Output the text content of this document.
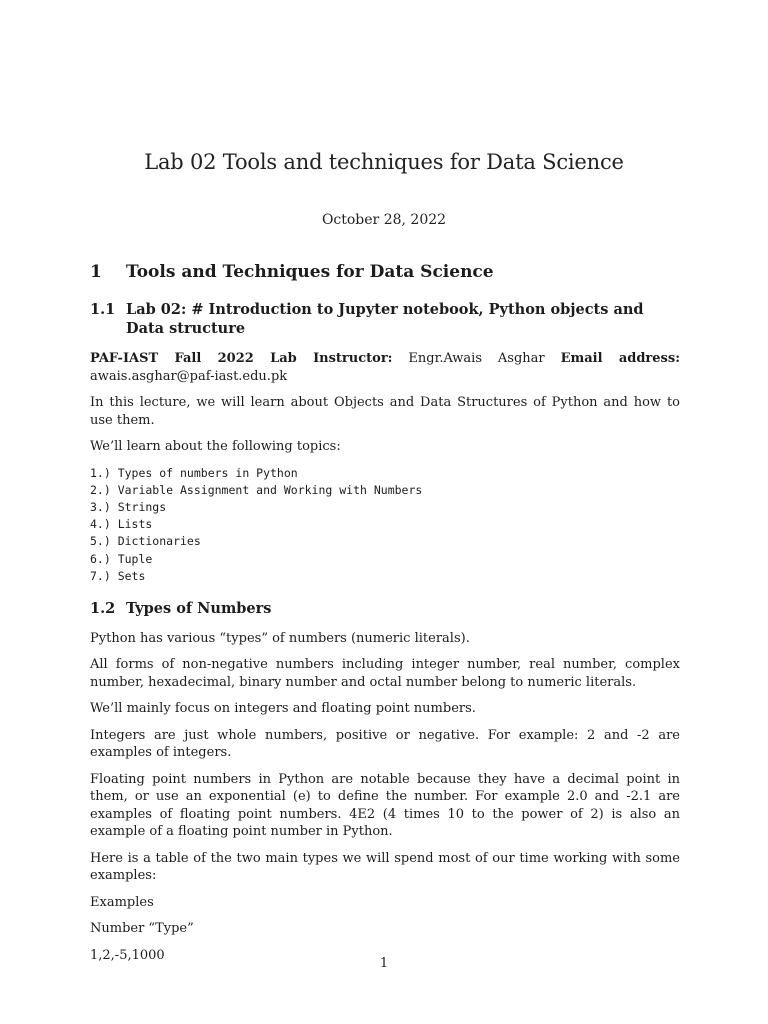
Lab 02 Tools and techniques for Data Science
October 28, 2022
1	Tools and Techniques for Data Science
1.1 Lab 02: # Introduction to Jupyter notebook, Python objects and Data structure

PAF-IAST Fall 2022 Lab Instructor: Engr.Awais Asghar Email address: awais.asghar@paf-iast.edu.pk

In this lecture, we will learn about Objects and Data Structures of Python and how to use them.

We’ll learn about the following topics:

1.) Types of numbers in Python
2.) Variable Assignment and Working with Numbers
3.) Strings
4.) Lists
5.) Dictionaries
6.) Tuple
7.) Sets
1.2 Types of Numbers

Python has various “types” of numbers (numeric literals).

All forms of non-negative numbers including integer number, real number, complex number, hexadecimal, binary number and octal number belong to numeric literals.

We’ll mainly focus on integers and floating point numbers.

Integers are just whole numbers, positive or negative. For example: 2 and -2 are examples of integers.

Floating point numbers in Python are notable because they have a decimal point in them, or use an exponential (e) to define the number. For example 2.0 and -2.1 are examples of floating point numbers. 4E2 (4 times 10 to the power of 2) is also an example of a floating point number in Python.

Here is a table of the two main types we will spend most of our time working with some examples:

Examples

Number “Type”

1,2,-5,1000

1
